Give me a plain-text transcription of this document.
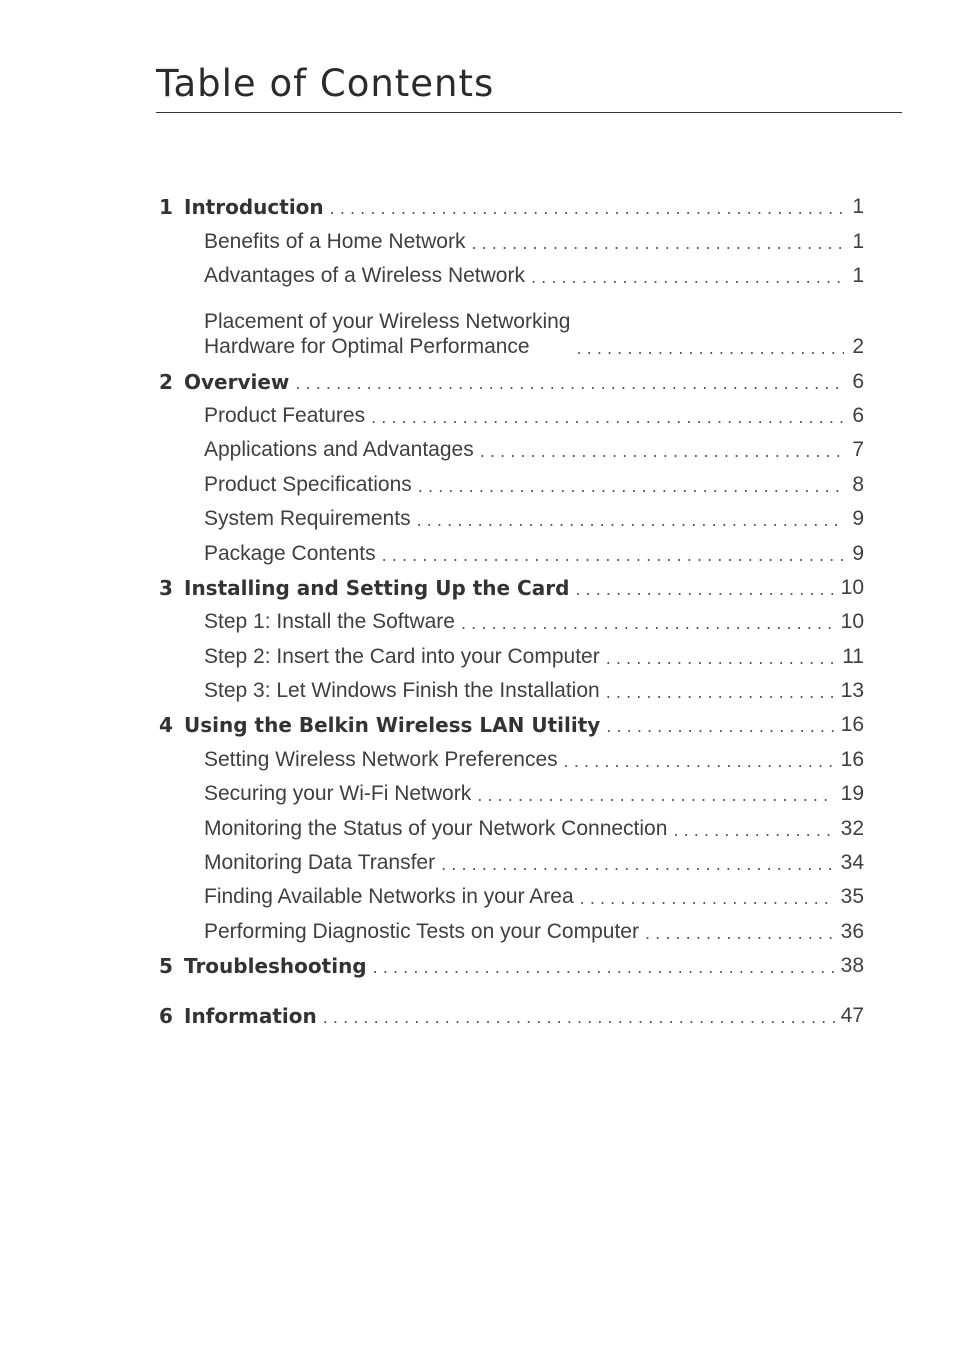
Table of Contents
1 Introduction . . .	1
Benefits of a Home Network . . .	1
Advantages of a Wireless Network . . .	1
Placement of your Wireless Networking
Hardware for Optimal Performance . . .	2
2 Overview . . .	6
Product Features . . .	6
Applications and Advantages . . .	7
Product Specifications . . .	8
System Requirements . . .	9
Package Contents . . .	9
3 Installing and Setting Up the Card . . .	10
Step 1: Install the Software . . .	10
Step 2: Insert the Card into your Computer . . .	11
Step 3: Let Windows Finish the Installation . . .	13
4 Using the Belkin Wireless LAN Utility . . .	16
Setting Wireless Network Preferences . . .	16
Securing your Wi-Fi Network . . .	19
Monitoring the Status of your Network Connection . . .	32
Monitoring Data Transfer . . .	34
Finding Available Networks in your Area . . .	35
Performing Diagnostic Tests on your Computer . . .	36
5 Troubleshooting . . .	38
6 Information . . .	47
